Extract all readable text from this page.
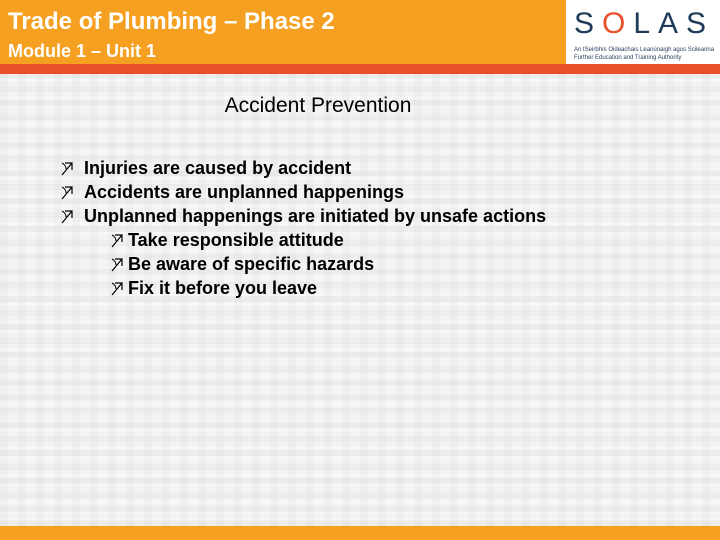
Trade of Plumbing – Phase 2
Module 1 – Unit 1
SOLAS
An tSeirbhís Oideachais Leanúnaigh agus Scileanna
Further Education and Training Authority
Accident Prevention
Injuries are caused by accident
Accidents are unplanned happenings
Unplanned happenings are initiated by unsafe actions
Take responsible attitude
Be aware of specific hazards
Fix it before you leave
